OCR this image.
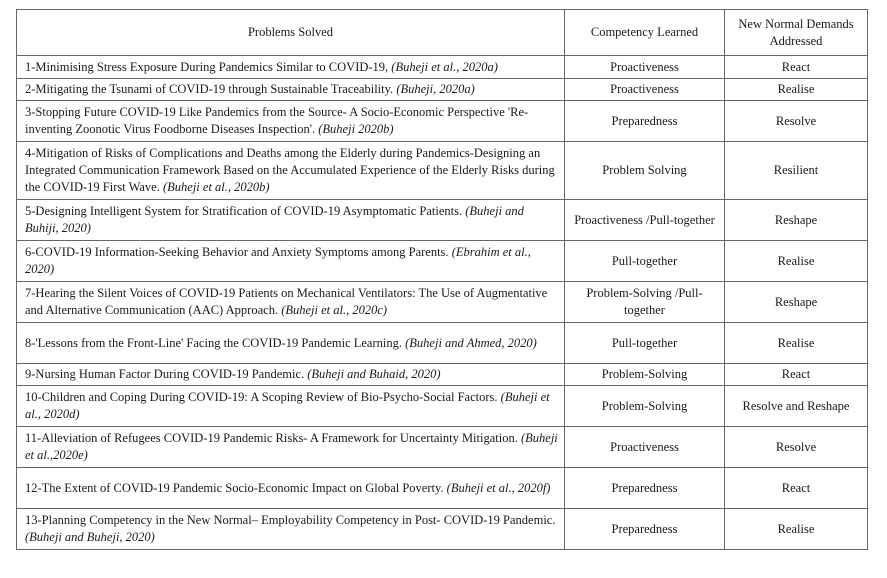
Problems Solved	Competency Learned	New Normal Demands Addressed
1-Minimising Stress Exposure During Pandemics Similar to COVID-19, (Buheji et al., 2020a)	Proactiveness	React
2-Mitigating the Tsunami of COVID-19 through Sustainable Traceability. (Buheji, 2020a)	Proactiveness	Realise
3-Stopping Future COVID-19 Like Pandemics from the Source- A Socio-Economic Perspective 'Re-inventing Zoonotic Virus Foodborne Diseases Inspection'. (Buheji 2020b)	Preparedness	Resolve
4-Mitigation of Risks of Complications and Deaths among the Elderly during Pandemics-Designing an Integrated Communication Framework Based on the Accumulated Experience of the Elderly Risks during the COVID-19 First Wave. (Buheji et al., 2020b)	Problem Solving	Resilient
5-Designing Intelligent System for Stratification of COVID-19 Asymptomatic Patients. (Buheji and Buhiji, 2020)	Proactiveness /Pull-together	Reshape
6-COVID-19 Information-Seeking Behavior and Anxiety Symptoms among Parents. (Ebrahim et al., 2020)	Pull-together	Realise
7-Hearing the Silent Voices of COVID-19 Patients on Mechanical Ventilators: The Use of Augmentative and Alternative Communication (AAC) Approach. (Buheji et al., 2020c)	Problem-Solving /Pull-together	Reshape
8-'Lessons from the Front-Line' Facing the COVID-19 Pandemic Learning. (Buheji and Ahmed, 2020)	Pull-together	Realise
9-Nursing Human Factor During COVID-19 Pandemic. (Buheji and Buhaid, 2020)	Problem-Solving	React
10-Children and Coping During COVID-19: A Scoping Review of Bio-Psycho-Social Factors. (Buheji et al., 2020d)	Problem-Solving	Resolve and Reshape
11-Alleviation of Refugees COVID-19 Pandemic Risks- A Framework for Uncertainty Mitigation. (Buheji et al.,2020e)	Proactiveness	Resolve
12-The Extent of COVID-19 Pandemic Socio-Economic Impact on Global Poverty. (Buheji et al., 2020f)	Preparedness	React
13-Planning Competency in the New Normal– Employability Competency in Post- COVID-19 Pandemic. (Buheji and Buheji, 2020)	Preparedness	Realise
